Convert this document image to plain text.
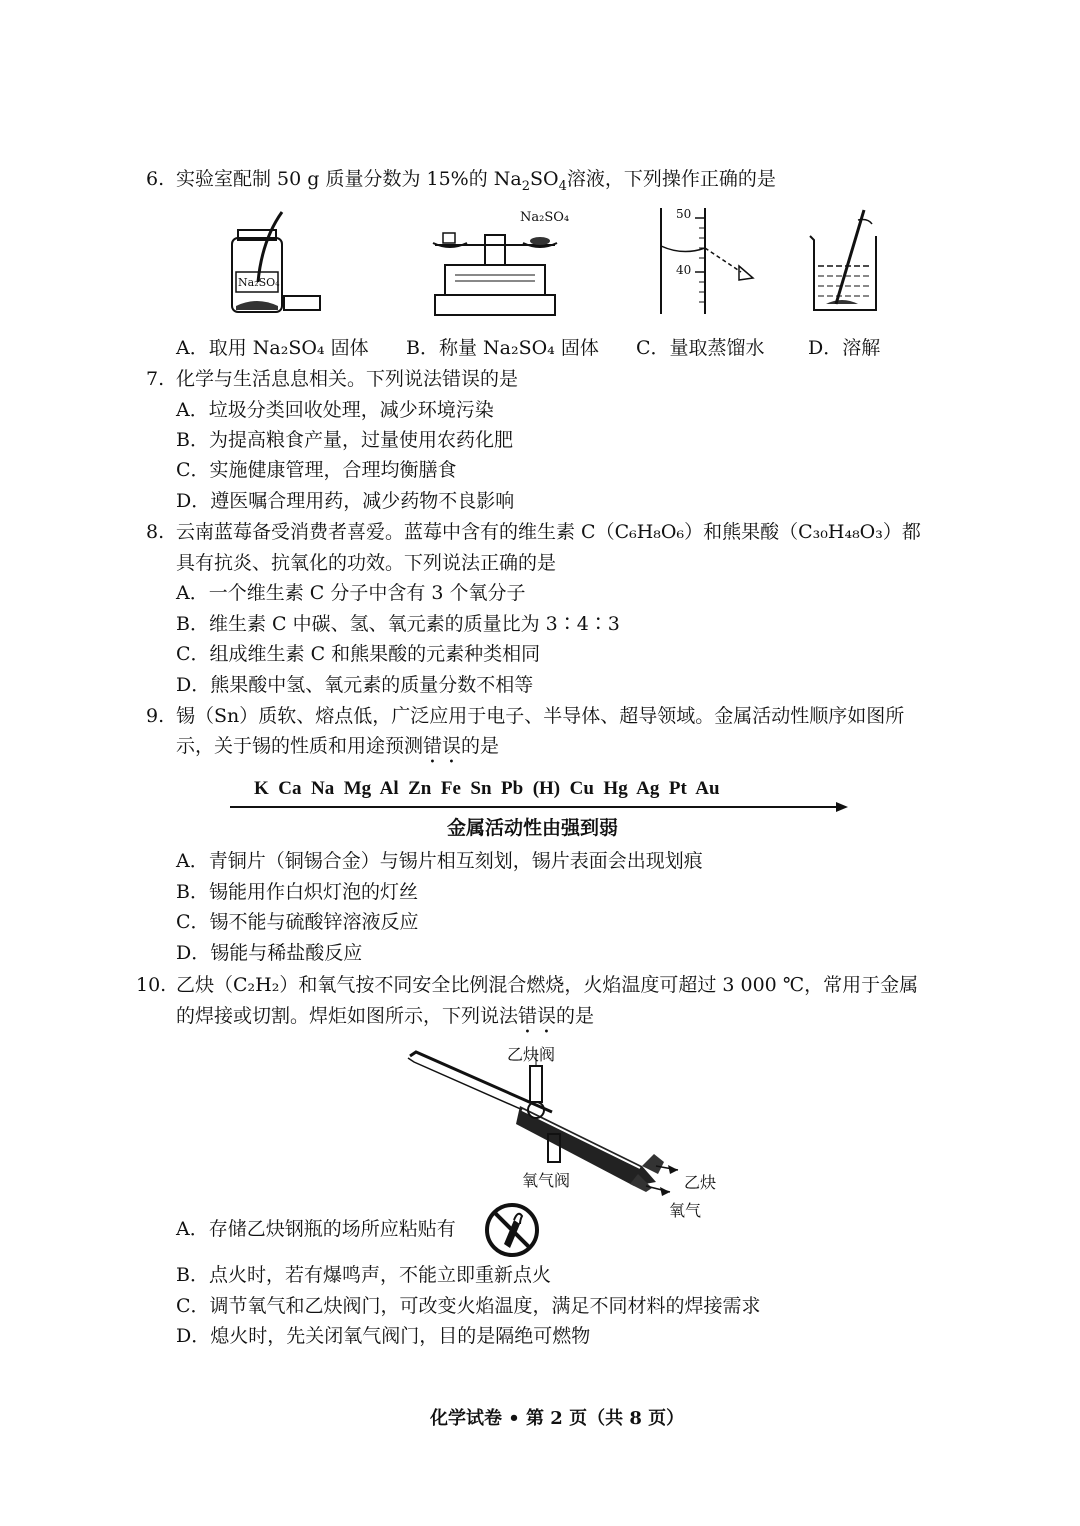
6. 实验室配制 50 g 质量分数为 15%的 $Na_2SO_4$溶液，下列操作正确的是
Na₂SO₄
Na₂SO₄	50
40
A．取用 Na₂SO₄ 固体 B．称量 Na₂SO₄ 固体 C．量取蒸馏水 D．溶解
7. 化学与生活息息相关。下列说法错误的是
A．垃圾分类回收处理，减少环境污染
B．为提高粮食产量，过量使用农药化肥
C．实施健康管理，合理均衡膳食
D．遵医嘱合理用药，减少药物不良影响
8. 云南蓝莓备受消费者喜爱。蓝莓中含有的维生素 C（C₆H₈O₆）和熊果酸（C₃₀H₄₈O₃）都
具有抗炎、抗氧化的功效。下列说法正确的是
A．一个维生素 C 分子中含有 3 个氧分子
B．维生素 C 中碳、氢、氧元素的质量比为 3∶4∶3
C．组成维生素 C 和熊果酸的元素种类相同
D．熊果酸中氢、氧元素的质量分数不相等
9. 锡（Sn）质软、熔点低，广泛应用于电子、半导体、超导领域。金属活动性顺序如图所
示，关于锡的性质和用途预测错误的是
K  Ca  Na  Mg  Al  Zn  Fe  Sn  Pb  (H)  Cu  Hg  Ag  Pt  Au
金属活动性由强到弱
A．青铜片（铜锡合金）与锡片相互刻划，锡片表面会出现划痕
B．锡能用作白炽灯泡的灯丝
C．锡不能与硫酸锌溶液反应
D．锡能与稀盐酸反应
10. 乙炔（C₂H₂）和氧气按不同安全比例混合燃烧，火焰温度可超过 3 000 ℃，常用于金属
的焊接或切割。焊炬如图所示，下列说法错误的是
乙炔阀
氧气阀	乙炔
氧气
A．存储乙炔钢瓶的场所应粘贴有
B．点火时，若有爆鸣声，不能立即重新点火
C．调节氧气和乙炔阀门，可改变火焰温度，满足不同材料的焊接需求
D．熄火时，先关闭氧气阀门，目的是隔绝可燃物
化学试卷 • 第 2 页（共 8 页）
